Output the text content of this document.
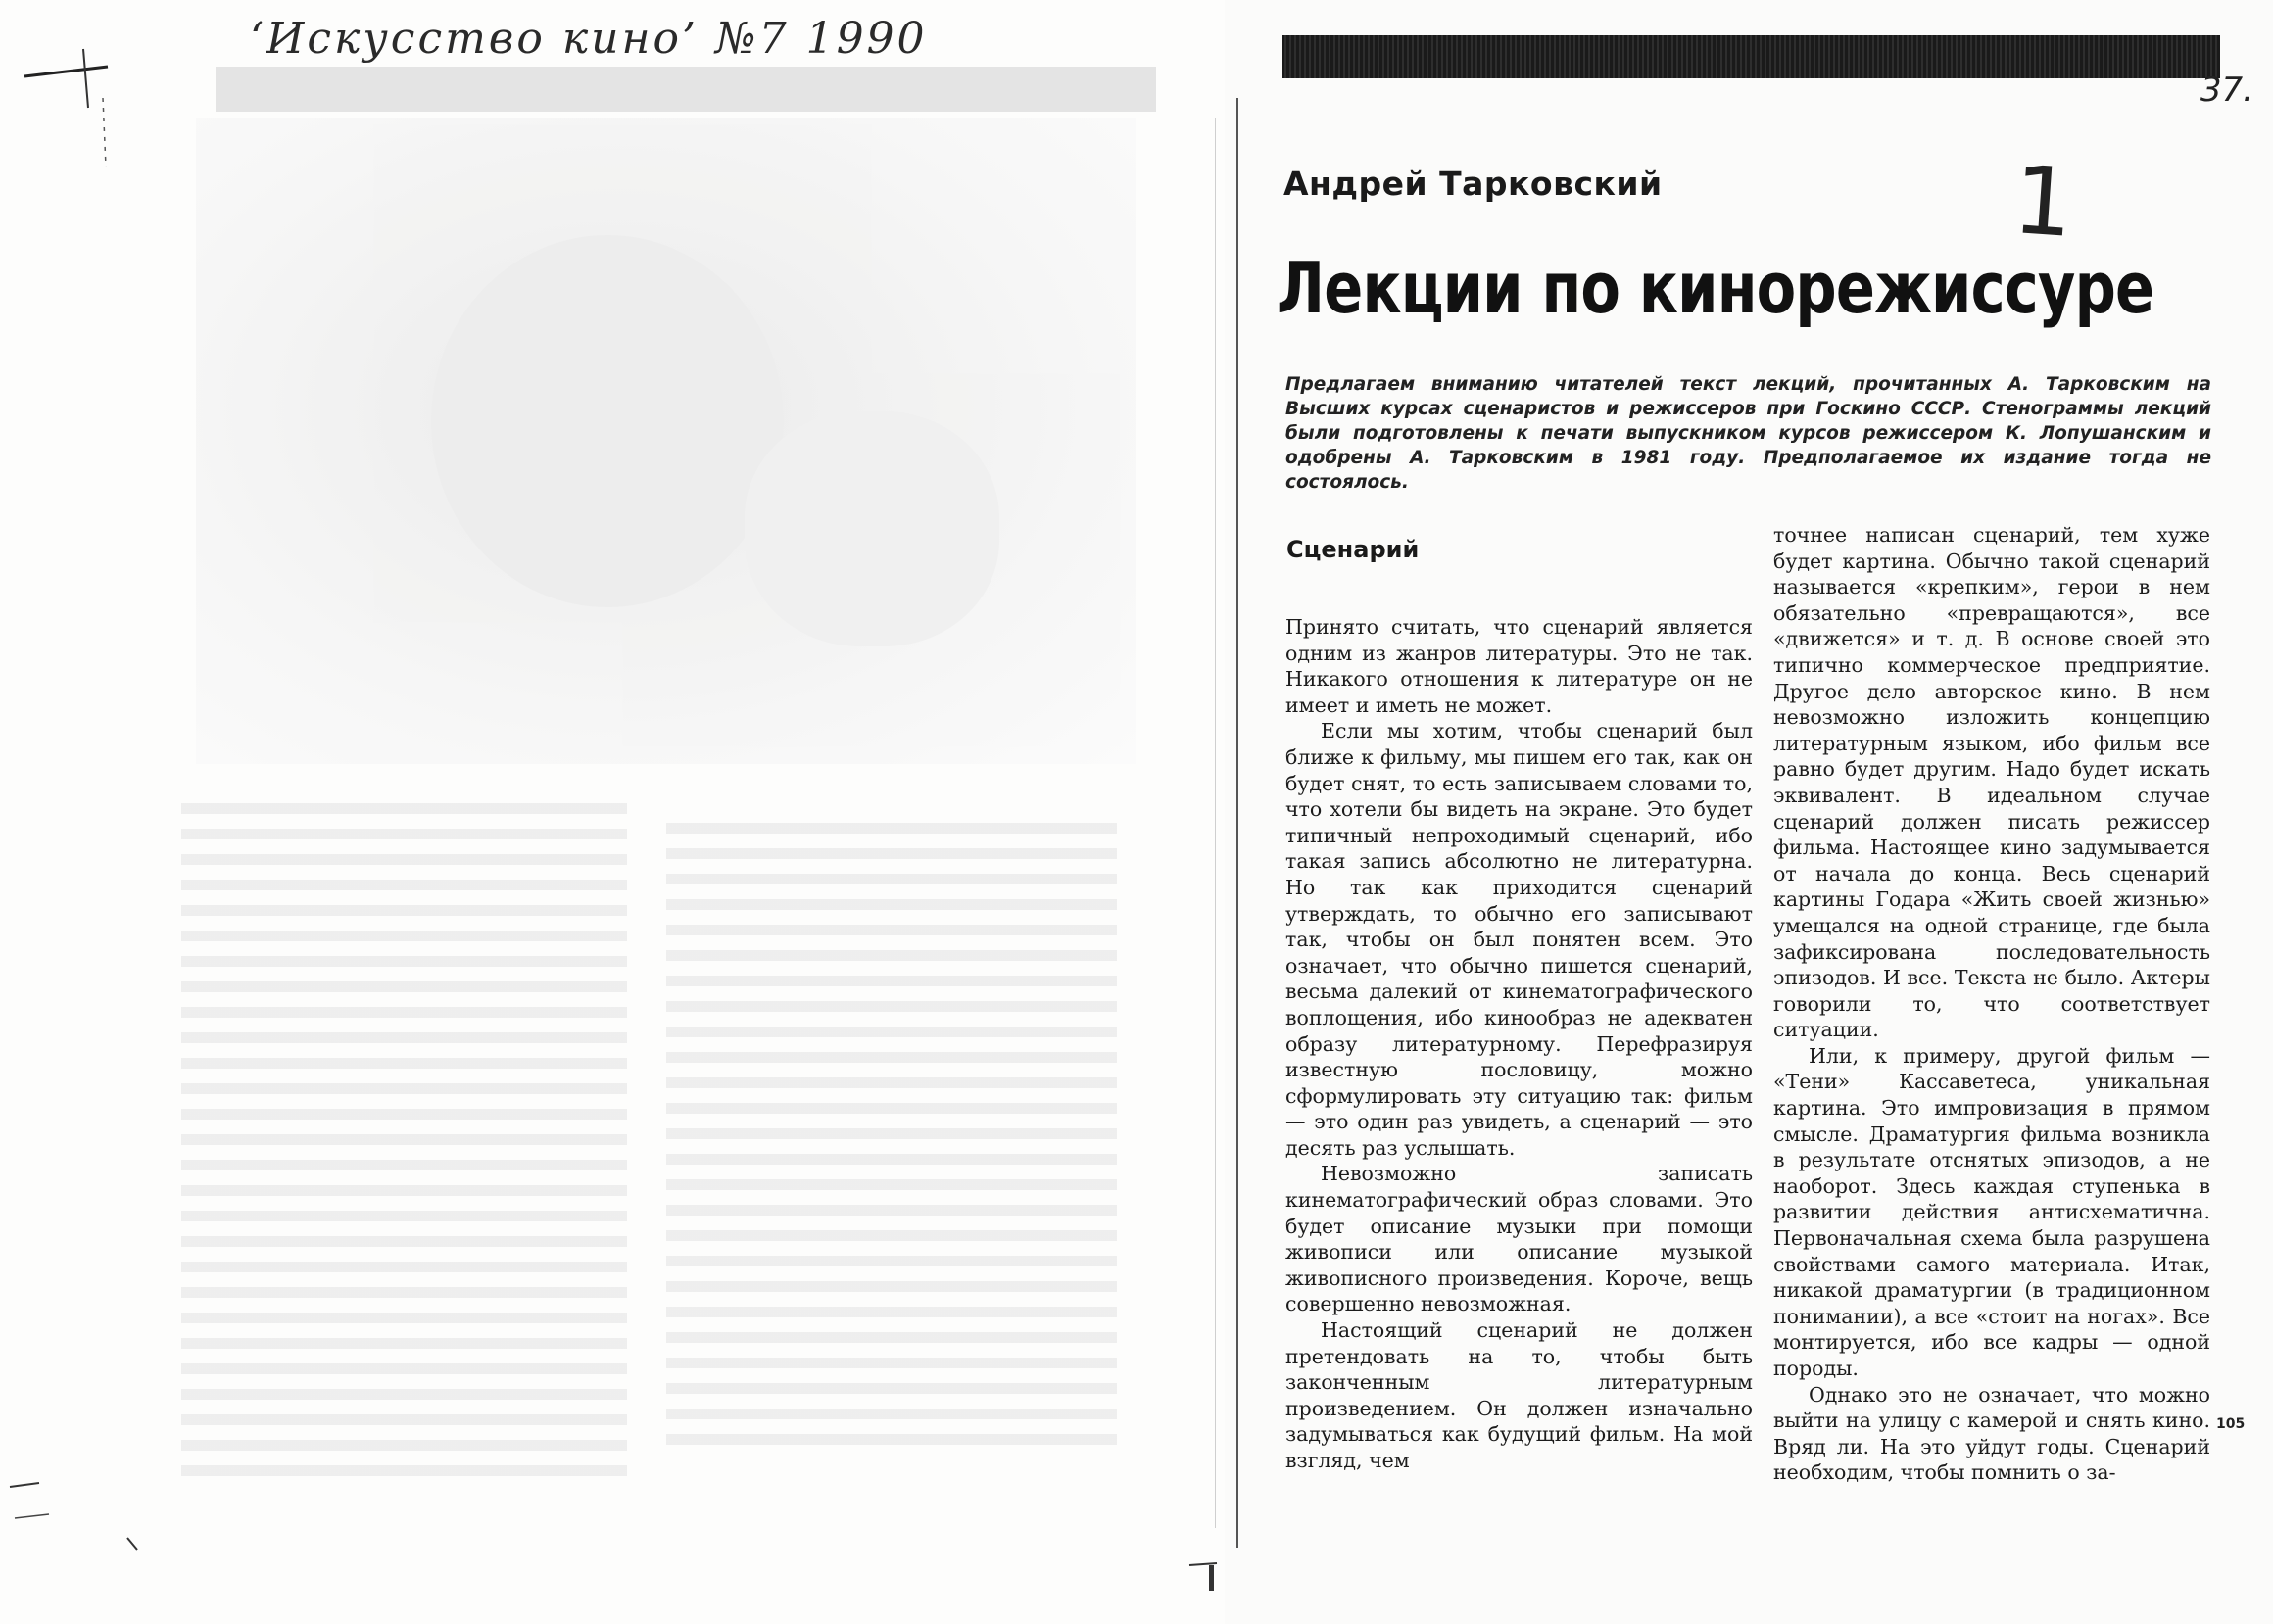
‘Искусство кино’ №7 1990
37.
Андрей Тарковский	1
Лекции по кинорежиссуре
Предлагаем вниманию читателей текст лекций, прочитанных А. Тарковским на Высших курсах сценаристов и режиссеров при Госкино СССР. Стенограммы лекций были подготовлены к печати выпускником курсов режиссером К. Лопушанским и одобрены А. Тарковским в 1981 году. Предполагаемое их издание тогда не состоялось.
Сценарий

Принято считать, что сценарий является одним из жанров литературы. Это не так. Никакого отношения к литературе он не имеет и иметь не может.

Если мы хотим, чтобы сценарий был ближе к фильму, мы пишем его так, как он будет снят, то есть записываем словами то, что хотели бы видеть на экране. Это будет типичный непроходимый сценарий, ибо такая запись абсолютно не литературна. Но так как приходится сценарий утверждать, то обычно его записывают так, чтобы он был понятен всем. Это означает, что обычно пишется сценарий, весьма далекий от кинематографического воплощения, ибо кинообраз не адекватен образу литературному. Перефразируя известную пословицу, можно сформулировать эту ситуацию так: фильм — это один раз увидеть, а сценарий — это десять раз услышать.

Невозможно записать кинематографический образ словами. Это будет описание музыки при помощи живописи или описание музыкой живописного произведения. Короче, вещь совершенно невозможная.

Настоящий сценарий не должен претендовать на то, чтобы быть законченным литературным произведением. Он должен изначально задумываться как будущий фильм. На мой взгляд, чем

точнее написан сценарий, тем хуже будет картина. Обычно такой сценарий называется «крепким», герои в нем обязательно «превращаются», все «движется» и т. д. В основе своей это типично коммерческое предприятие. Другое дело авторское кино. В нем невозможно изложить концепцию литературным языком, ибо фильм все равно будет другим. Надо будет искать эквивалент. В идеальном случае сценарий должен писать режиссер фильма. Настоящее кино задумывается от начала до конца. Весь сценарий картины Годара «Жить своей жизнью» умещался на одной странице, где была зафиксирована последовательность эпизодов. И все. Текста не было. Актеры говорили то, что соответствует ситуации.

Или, к примеру, другой фильм — «Тени» Кассаветеса, уникальная картина. Это импровизация в прямом смысле. Драматургия фильма возникла в результате отснятых эпизодов, а не наоборот. Здесь каждая ступенька в развитии действия антисхематична. Первоначальная схема была разрушена свойствами самого материала. Итак, никакой драматургии (в традиционном понимании), а все «стоит на ногах». Все монтируется, ибо все кадры — одной породы.

Однако это не означает, что можно выйти на улицу с камерой и снять кино. Вряд ли. На это уйдут годы. Сценарий необходим, чтобы помнить о за-

105
